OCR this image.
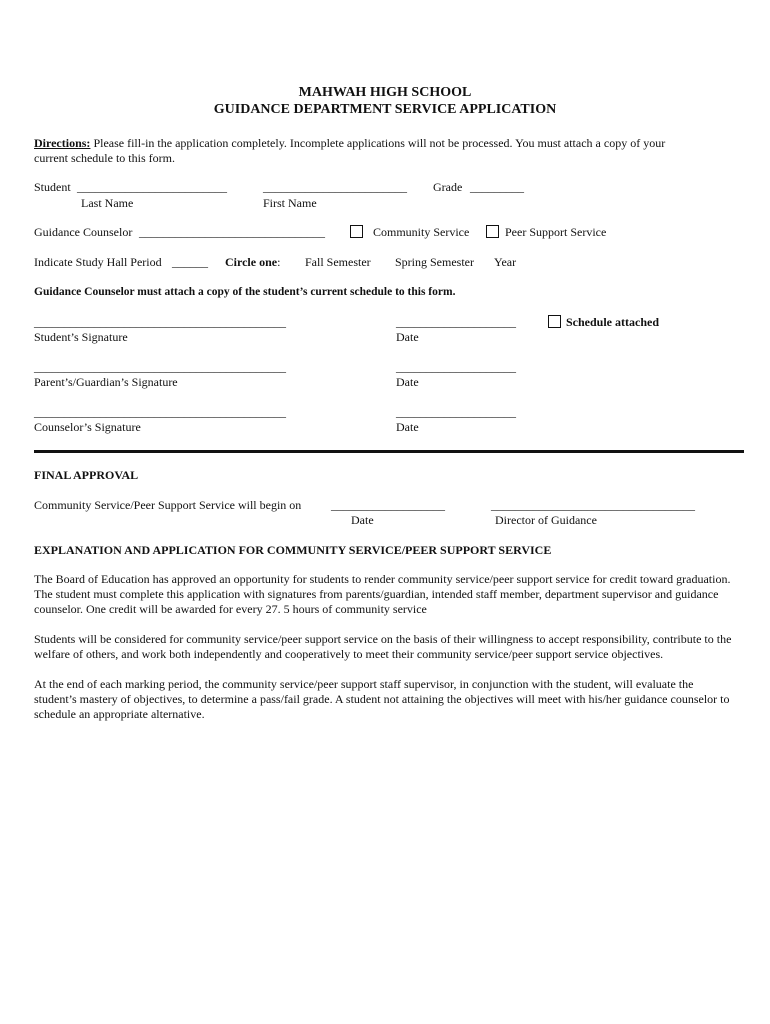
MAHWAH HIGH SCHOOL
GUIDANCE DEPARTMENT SERVICE APPLICATION
Directions: Please fill-in the application completely. Incomplete applications will not be processed. You must attach a copy of your
current schedule to this form.
Student _________________________	________________________ Grade _________
Last Name	First Name
Guidance Counselor _______________________________	Community Service	Peer Support Service
Indicate Study Hall Period ______ Circle one: Fall Semester Spring Semester Year
Guidance Counselor must attach a copy of the student’s current schedule to this form.
__________________________________________	____________________	Schedule attached
Student’s Signature	Date
__________________________________________	____________________
Parent’s/Guardian’s Signature	Date
__________________________________________	____________________
Counselor’s Signature	Date
FINAL APPROVAL
Community Service/Peer Support Service will begin on ___________________	__________________________________
Date	Director of Guidance
EXPLANATION AND APPLICATION FOR COMMUNITY SERVICE/PEER SUPPORT SERVICE
The Board of Education has approved an opportunity for students to render community service/peer support service for credit toward graduation. The student must complete this application with signatures from parents/guardian, intended staff member, department supervisor and guidance counselor. One credit will be awarded for every 27. 5 hours of community service
Students will be considered for community service/peer support service on the basis of their willingness to accept responsibility, contribute to the welfare of others, and work both independently and cooperatively to meet their community service/peer support service objectives.
At the end of each marking period, the community service/peer support staff supervisor, in conjunction with the student, will evaluate the student’s mastery of objectives, to determine a pass/fail grade. A student not attaining the objectives will meet with his/her guidance counselor to schedule an appropriate alternative.
